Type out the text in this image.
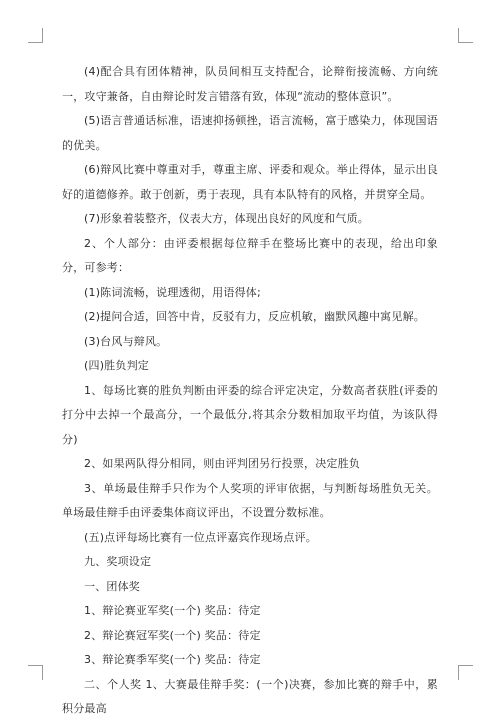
(4)配合具有团体精神，队员间相互支持配合，论辩衔接流畅、方向统一，攻守兼备，自由辩论时发言错落有致，体现“流动的整体意识”。

(5)语言普通话标准，语速抑扬顿挫，语言流畅，富于感染力，体现国语的优美。

(6)辩风比赛中尊重对手，尊重主席、评委和观众。举止得体，显示出良好的道德修养。敢于创新，勇于表现，具有本队特有的风格，并贯穿全局。

(7)形象着装整齐，仪表大方，体现出良好的风度和气质。

2、个人部分：由评委根据每位辩手在整场比赛中的表现，给出印象分，可参考：

(1)陈词流畅，说理透彻，用语得体;

(2)提问合适，回答中肯，反驳有力，反应机敏，幽默风趣中寓见解。

(3)台风与辩风。

(四)胜负判定

1、每场比赛的胜负判断由评委的综合评定决定，分数高者获胜(评委的打分中去掉一个最高分，一个最低分,将其余分数相加取平均值，为该队得分)

2、如果两队得分相同，则由评判团另行投票，决定胜负

3、单场最佳辩手只作为个人奖项的评审依据，与判断每场胜负无关。单场最佳辩手由评委集体商议评出，不设置分数标准。

(五)点评每场比赛有一位点评嘉宾作现场点评。

九、奖项设定

一、团体奖

1、辩论赛亚军奖(一个) 奖品：待定

2、辩论赛冠军奖(一个) 奖品：待定

3、辩论赛季军奖(一个) 奖品：待定

二、个人奖 1、大赛最佳辩手奖：(一个)决赛，参加比赛的辩手中，累积分最高
